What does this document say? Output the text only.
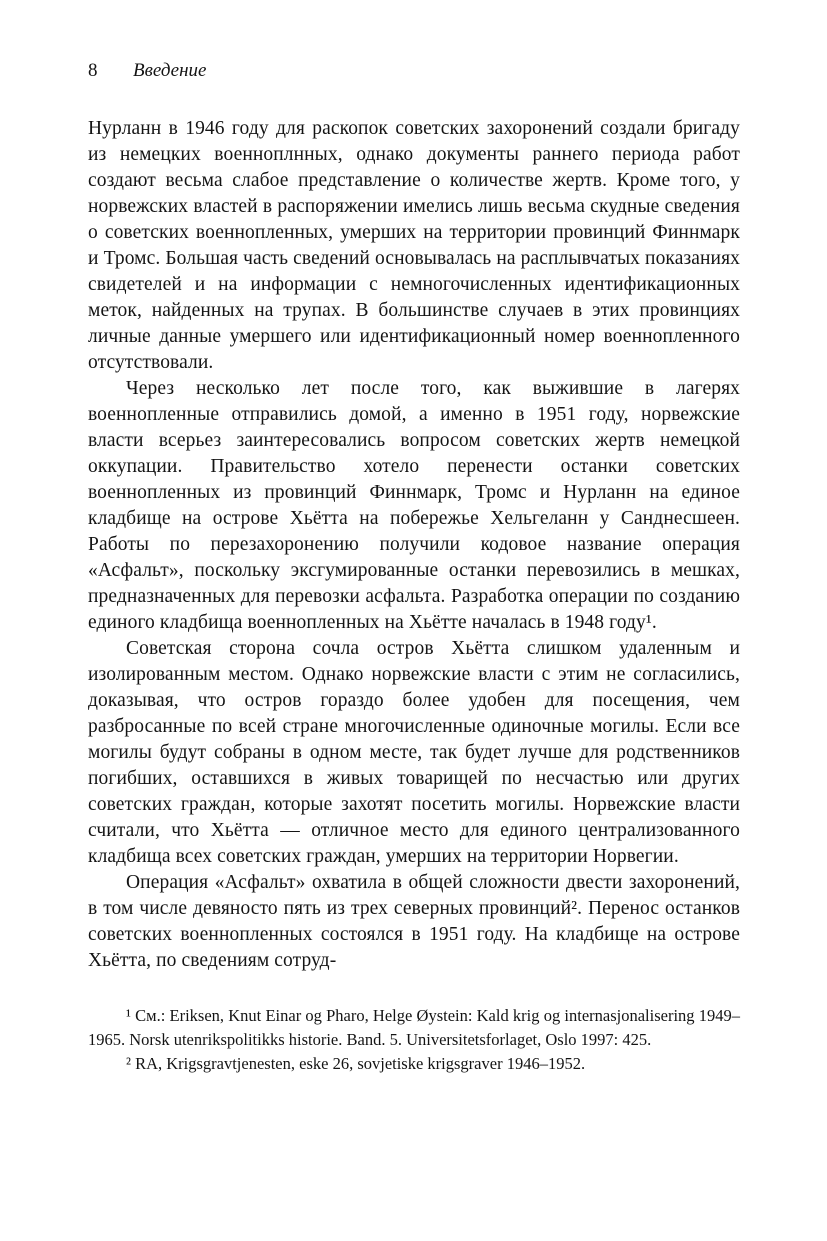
8	Введение

Нурланн в 1946 году для раскопок советских захоронений создали бригаду из немецких военноплнных, однако документы раннего периода работ создают весьма слабое представление о количестве жертв. Кроме того, у норвежских властей в распоряжении имелись лишь весьма скудные сведения о советских военнопленных, умерших на территории провинций Финнмарк и Тромс. Большая часть сведений основывалась на расплывчатых показаниях свидетелей и на информации с немногочисленных идентификационных меток, найденных на трупах. В большинстве случаев в этих провинциях личные данные умершего или идентификационный номер военнопленного отсутствовали.

Через несколько лет после того, как выжившие в лагерях военнопленные отправились домой, а именно в 1951 году, норвежские власти всерьез заинтересовались вопросом советских жертв немецкой оккупации. Правительство хотело перенести останки советских военнопленных из провинций Финнмарк, Тромс и Нурланн на единое кладбище на острове Хьётта на побережье Хельгеланн у Санднесшеен. Работы по перезахоронению получили кодовое название операция «Асфальт», поскольку эксгумированные останки перевозились в мешках, предназначенных для перевозки асфальта. Разработка операции по созданию единого кладбища военнопленных на Хьётте началась в 1948 году¹.

Советская сторона сочла остров Хьётта слишком удаленным и изолированным местом. Однако норвежские власти с этим не согласились, доказывая, что остров гораздо более удобен для посещения, чем разбросанные по всей стране многочисленные одиночные могилы. Если все могилы будут собраны в одном месте, так будет лучше для родственников погибших, оставшихся в живых товарищей по несчастью или других советских граждан, которые захотят посетить могилы. Норвежские власти считали, что Хьётта — отличное место для единого централизованного кладбища всех советских граждан, умерших на территории Норвегии.

Операция «Асфальт» охватила в общей сложности двести захоронений, в том числе девяносто пять из трех северных провинций². Перенос останков советских военнопленных состоялся в 1951 году. На кладбище на острове Хьётта, по сведениям сотруд-

¹ См.: Eriksen, Knut Einar og Pharo, Helge Øystein: Kald krig og internasjonalisering 1949–1965. Norsk utenrikspolitikks historie. Band. 5. Universitetsforlaget, Oslo 1997: 425.

² RA, Krigsgravtjenesten, eske 26, sovjetiske krigsgraver 1946–1952.
